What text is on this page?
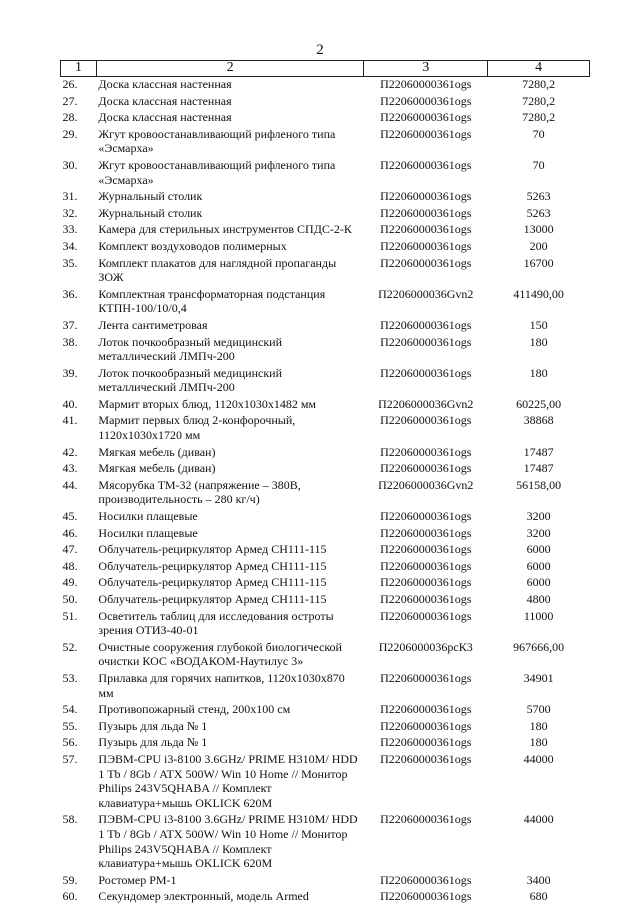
2
1	2	3	4
26.	Доска классная настенная	П22060000361ogs	7280,2
27.	Доска классная настенная	П22060000361ogs	7280,2
28.	Доска классная настенная	П22060000361ogs	7280,2
29.	Жгут кровоостанавливающий рифленого типа «Эсмарха»	П22060000361ogs	70
30.	Жгут кровоостанавливающий рифленого типа «Эсмарха»	П22060000361ogs	70
31.	Журнальный столик	П22060000361ogs	5263
32.	Журнальный столик	П22060000361ogs	5263
33.	Камера для стерильных инструментов СПДС-2-К	П22060000361ogs	13000
34.	Комплект воздуховодов полимерных	П22060000361ogs	200
35.	Комплект плакатов для наглядной пропаганды ЗОЖ	П22060000361ogs	16700
36.	Комплектная трансформаторная подстанция КТПН-100/10/0,4	П2206000036Gvn2	411490,00
37.	Лента сантиметровая	П22060000361ogs	150
38.	Лоток почкообразный медицинский металлический ЛМПч-200	П22060000361ogs	180
39.	Лоток почкообразный медицинский металлический ЛМПч-200	П22060000361ogs	180
40.	Мармит вторых блюд, 1120x1030x1482 мм	П2206000036Gvn2	60225,00
41.	Мармит первых блюд 2-конфорочный, 1120x1030x1720 мм	П22060000361ogs	38868
42.	Мягкая мебель (диван)	П22060000361ogs	17487
43.	Мягкая мебель (диван)	П22060000361ogs	17487
44.	Мясорубка ТМ-32 (напряжение – 380В, производительность – 280 кг/ч)	П2206000036Gvn2	56158,00
45.	Носилки плащевые	П22060000361ogs	3200
46.	Носилки плащевые	П22060000361ogs	3200
47.	Облучатель-рециркулятор Армед СН111-115	П22060000361ogs	6000
48.	Облучатель-рециркулятор Армед СН111-115	П22060000361ogs	6000
49.	Облучатель-рециркулятор Армед СН111-115	П22060000361ogs	6000
50.	Облучатель-рециркулятор Армед СН111-115	П22060000361ogs	4800
51.	Осветитель таблиц для исследования остроты зрения ОТИЗ-40-01	П22060000361ogs	11000
52.	Очистные сооружения глубокой биологической очистки КОС «ВОДАКОМ-Наутилус 3»	П2206000036рсК3	967666,00
53.	Прилавка для горячих напитков, 1120x1030x870 мм	П22060000361ogs	34901
54.	Противопожарный стенд, 200x100 см	П22060000361ogs	5700
55.	Пузырь для льда № 1	П22060000361ogs	180
56.	Пузырь для льда № 1	П22060000361ogs	180
57.	ПЭВМ-CPU i3-8100 3.6GHz/ PRIME H310M/ HDD 1 Tb / 8Gb / ATX 500W/ Win 10 Home // Монитор Philips 243V5QHABA // Комплект клавиатура+мышь OKLICK 620M	П22060000361ogs	44000
58.	ПЭВМ-CPU i3-8100 3.6GHz/ PRIME H310M/ HDD 1 Tb / 8Gb / ATX 500W/ Win 10 Home // Монитор Philips 243V5QHABA // Комплект клавиатура+мышь OKLICK 620M	П22060000361ogs	44000
59.	Ростомер РМ-1	П22060000361ogs	3400
60.	Секундомер электронный, модель Armed	П22060000361ogs	680
